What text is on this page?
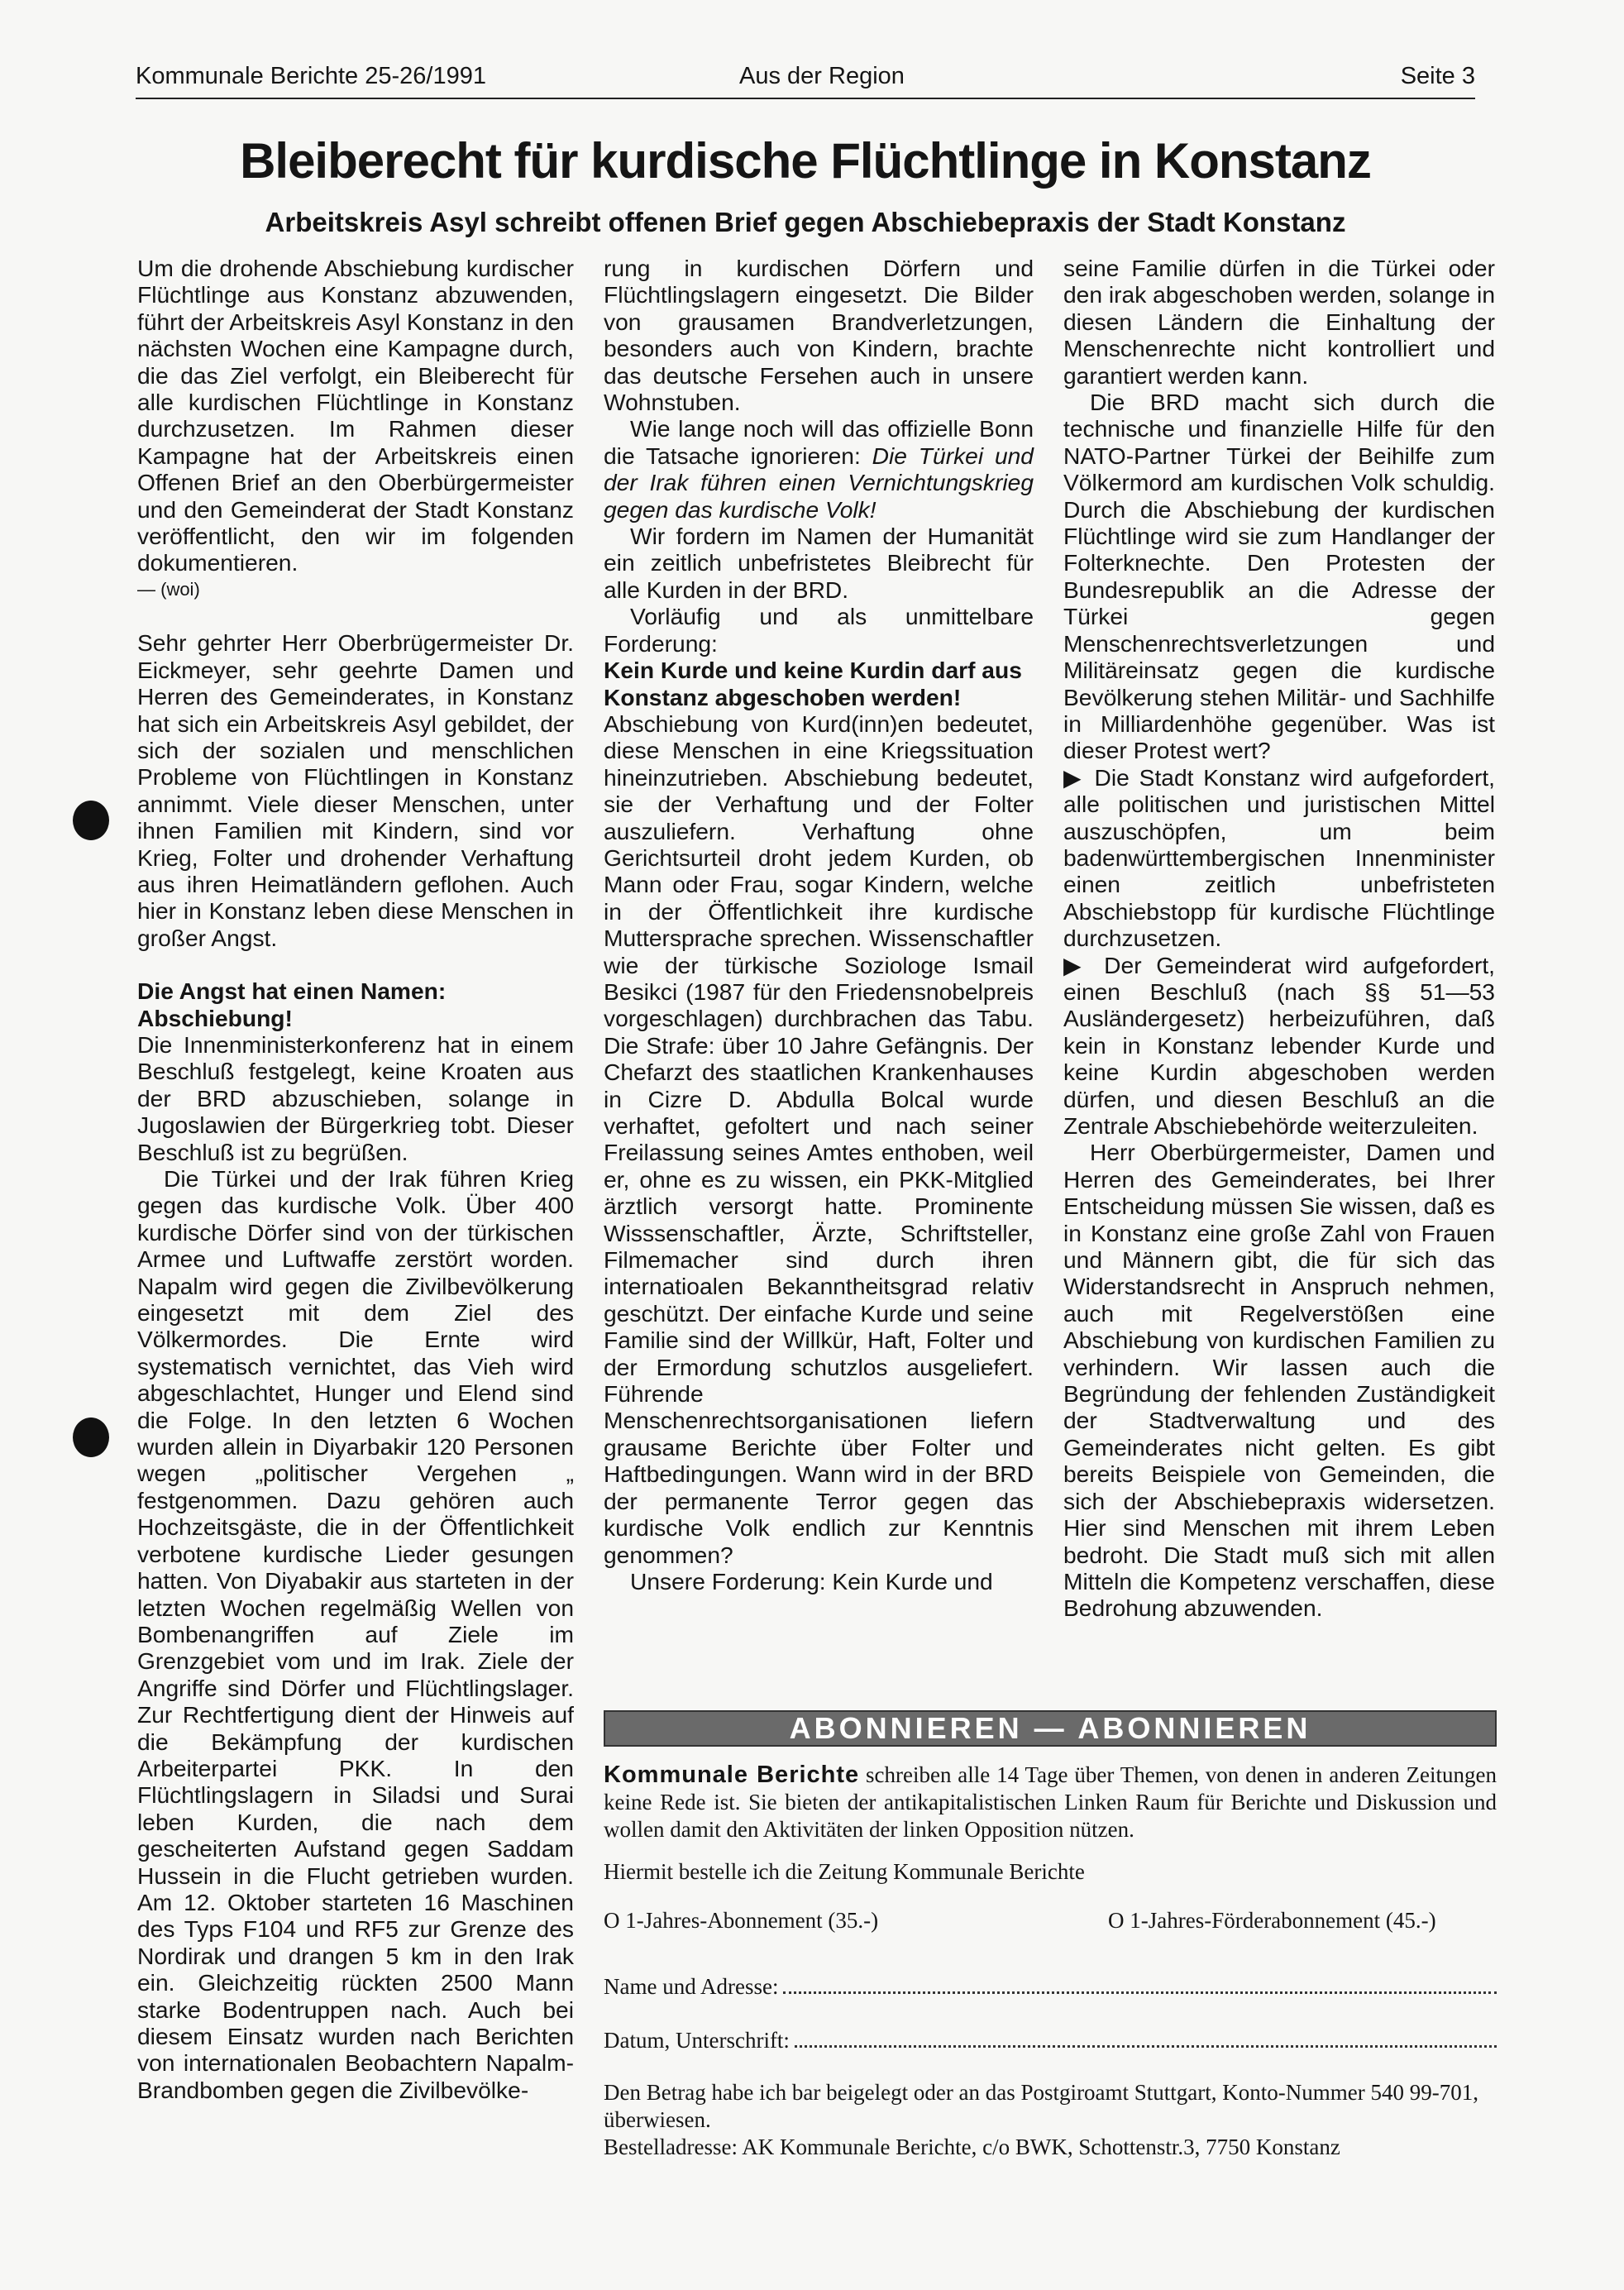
Kommunale Berichte 25-26/1991	Aus der Region	Seite 3
Bleiberecht für kurdische Flüchtlinge in Konstanz
Arbeitskreis Asyl schreibt offenen Brief gegen Abschiebepraxis der Stadt Konstanz

Um die drohende Abschiebung kurdischer Flüchtlinge aus Konstanz abzuwenden, führt der Arbeitskreis Asyl Konstanz in den nächsten Wochen eine Kampagne durch, die das Ziel verfolgt, ein Bleiberecht für alle kurdischen Flüchtlinge in Konstanz durchzusetzen. Im Rahmen dieser Kampagne hat der Arbeitskreis einen Offenen Brief an den Oberbürgermeister und den Gemeinderat der Stadt Konstanz veröffentlicht, den wir im folgenden dokumentieren.

— (woi)

Sehr gehrter Herr Oberbrügermeister Dr. Eickmeyer, sehr geehrte Damen und Herren des Gemeinderates, in Konstanz hat sich ein Arbeitskreis Asyl gebildet, der sich der sozialen und menschlichen Probleme von Flüchtlingen in Konstanz annimmt. Viele dieser Menschen, unter ihnen Familien mit Kindern, sind vor Krieg, Folter und drohender Verhaftung aus ihren Heimatländern geflohen. Auch hier in Konstanz leben diese Menschen in großer Angst.

Die Angst hat einen Namen: Abschiebung!

Die Innenministerkonferenz hat in einem Beschluß festgelegt, keine Kroaten aus der BRD abzuschieben, solange in Jugoslawien der Bürgerkrieg tobt. Dieser Beschluß ist zu begrüßen.

Die Türkei und der Irak führen Krieg gegen das kurdische Volk. Über 400 kurdische Dörfer sind von der türkischen Armee und Luftwaffe zerstört worden. Napalm wird gegen die Zivilbevölkerung eingesetzt mit dem Ziel des Völkermordes. Die Ernte wird systematisch vernichtet, das Vieh wird abgeschlachtet, Hunger und Elend sind die Folge. In den letzten 6 Wochen wurden allein in Diyarbakir 120 Personen wegen „politischer Vergehen „ festgenommen. Dazu gehören auch Hochzeitsgäste, die in der Öffentlichkeit verbotene kurdische Lieder gesungen hatten. Von Diyabakir aus starteten in der letzten Wochen regelmäßig Wellen von Bombenangriffen auf Ziele im Grenzgebiet vom und im Irak. Ziele der Angriffe sind Dörfer und Flüchtlingslager. Zur Rechtfertigung dient der Hinweis auf die Bekämpfung der kurdischen Arbeiterpartei PKK. In den Flüchtlingslagern in Siladsi und Surai leben Kurden, die nach dem gescheiterten Aufstand gegen Saddam Hussein in die Flucht getrieben wurden. Am 12. Oktober starteten 16 Maschinen des Typs F104 und RF5 zur Grenze des Nordirak und drangen 5 km in den Irak ein. Gleichzeitig rückten 2500 Mann starke Bodentruppen nach. Auch bei diesem Einsatz wurden nach Berichten von internationalen Beobachtern Napalm-Brandbomben gegen die Zivilbevölke-

rung in kurdischen Dörfern und Flüchtlingslagern eingesetzt. Die Bilder von grausamen Brandverletzungen, besonders auch von Kindern, brachte das deutsche Fersehen auch in unsere Wohnstuben.

Wie lange noch will das offizielle Bonn die Tatsache ignorieren: Die Türkei und der Irak führen einen Vernichtungskrieg gegen das kurdische Volk!

Wir fordern im Namen der Humanität ein zeitlich unbefristetes Bleibrecht für alle Kurden in der BRD.

Vorläufig und als unmittelbare Forderung:

Kein Kurde und keine Kurdin darf aus Konstanz abgeschoben werden!

Abschiebung von Kurd(inn)en bedeutet, diese Menschen in eine Kriegssituation hineinzutrieben. Abschiebung bedeutet, sie der Verhaftung und der Folter auszuliefern. Verhaftung ohne Gerichtsurteil droht jedem Kurden, ob Mann oder Frau, sogar Kindern, welche in der Öffentlichkeit ihre kurdische Muttersprache sprechen. Wissenschaftler wie der türkische Soziologe Ismail Besikci (1987 für den Friedensnobelpreis vorgeschlagen) durchbrachen das Tabu. Die Strafe: über 10 Jahre Gefängnis. Der Chefarzt des staatlichen Krankenhauses in Cizre D. Abdulla Bolcal wurde verhaftet, gefoltert und nach seiner Freilassung seines Amtes enthoben, weil er, ohne es zu wissen, ein PKK-Mitglied ärztlich versorgt hatte. Prominente Wisssenschaftler, Ärzte, Schriftsteller, Filmemacher sind durch ihren internatioalen Bekanntheitsgrad relativ geschützt. Der einfache Kurde und seine Familie sind der Willkür, Haft, Folter und der Ermordung schutzlos ausgeliefert. Führende Menschenrechtsorganisationen liefern grausame Berichte über Folter und Haftbedingungen. Wann wird in der BRD der permanente Terror gegen das kurdische Volk endlich zur Kenntnis genommen?

Unsere Forderung: Kein Kurde und

seine Familie dürfen in die Türkei oder den irak abgeschoben werden, solange in diesen Ländern die Einhaltung der Menschenrechte nicht kontrolliert und garantiert werden kann.

Die BRD macht sich durch die technische und finanzielle Hilfe für den NATO-Partner Türkei der Beihilfe zum Völkermord am kurdischen Volk schuldig. Durch die Abschiebung der kurdischen Flüchtlinge wird sie zum Handlanger der Folterknechte. Den Protesten der Bundesrepublik an die Adresse der Türkei gegen Menschenrechtsverletzungen und Militäreinsatz gegen die kurdische Bevölkerung stehen Militär- und Sachhilfe in Milliardenhöhe gegenüber. Was ist dieser Protest wert?

▶ Die Stadt Konstanz wird aufgefordert, alle politischen und juristischen Mittel auszuschöpfen, um beim badenwürttembergischen Innenminister einen zeitlich unbefristeten Abschiebstopp für kurdische Flüchtlinge durchzusetzen.

▶ Der Gemeinderat wird aufgefordert, einen Beschluß (nach §§ 51—53 Ausländergesetz) herbeizuführen, daß kein in Konstanz lebender Kurde und keine Kurdin abgeschoben werden dürfen, und diesen Beschluß an die Zentrale Abschiebehörde weiterzuleiten.

Herr Oberbürgermeister, Damen und Herren des Gemeinderates, bei Ihrer Entscheidung müssen Sie wissen, daß es in Konstanz eine große Zahl von Frauen und Männern gibt, die für sich das Widerstandsrecht in Anspruch nehmen, auch mit Regelverstößen eine Abschiebung von kurdischen Familien zu verhindern. Wir lassen auch die Begründung der fehlenden Zuständigkeit der Stadtverwaltung und des Gemeinderates nicht gelten. Es gibt bereits Beispiele von Gemeinden, die sich der Abschiebepraxis widersetzen. Hier sind Menschen mit ihrem Leben bedroht. Die Stadt muß sich mit allen Mitteln die Kompetenz verschaffen, diese Bedrohung abzuwenden.

ABONNIEREN — ABONNIEREN
Kommunale Berichte schreiben alle 14 Tage über Themen, von denen in anderen Zeitungen keine Rede ist. Sie bieten der antikapitalistischen Linken Raum für Berichte und Diskussion und wollen damit den Aktivitäten der linken Opposition nützen.
Hiermit bestelle ich die Zeitung Kommunale Berichte
O 1-Jahres-Abonnement (35.-)	O 1-Jahres-Förderabonnement (45.-)
Name und Adresse:
Datum, Unterschrift:
Den Betrag habe ich bar beigelegt oder an das Postgiroamt Stuttgart, Konto-Nummer 540 99-701, überwiesen.
Bestelladresse: AK Kommunale Berichte, c/o BWK, Schottenstr.3, 7750 Konstanz
